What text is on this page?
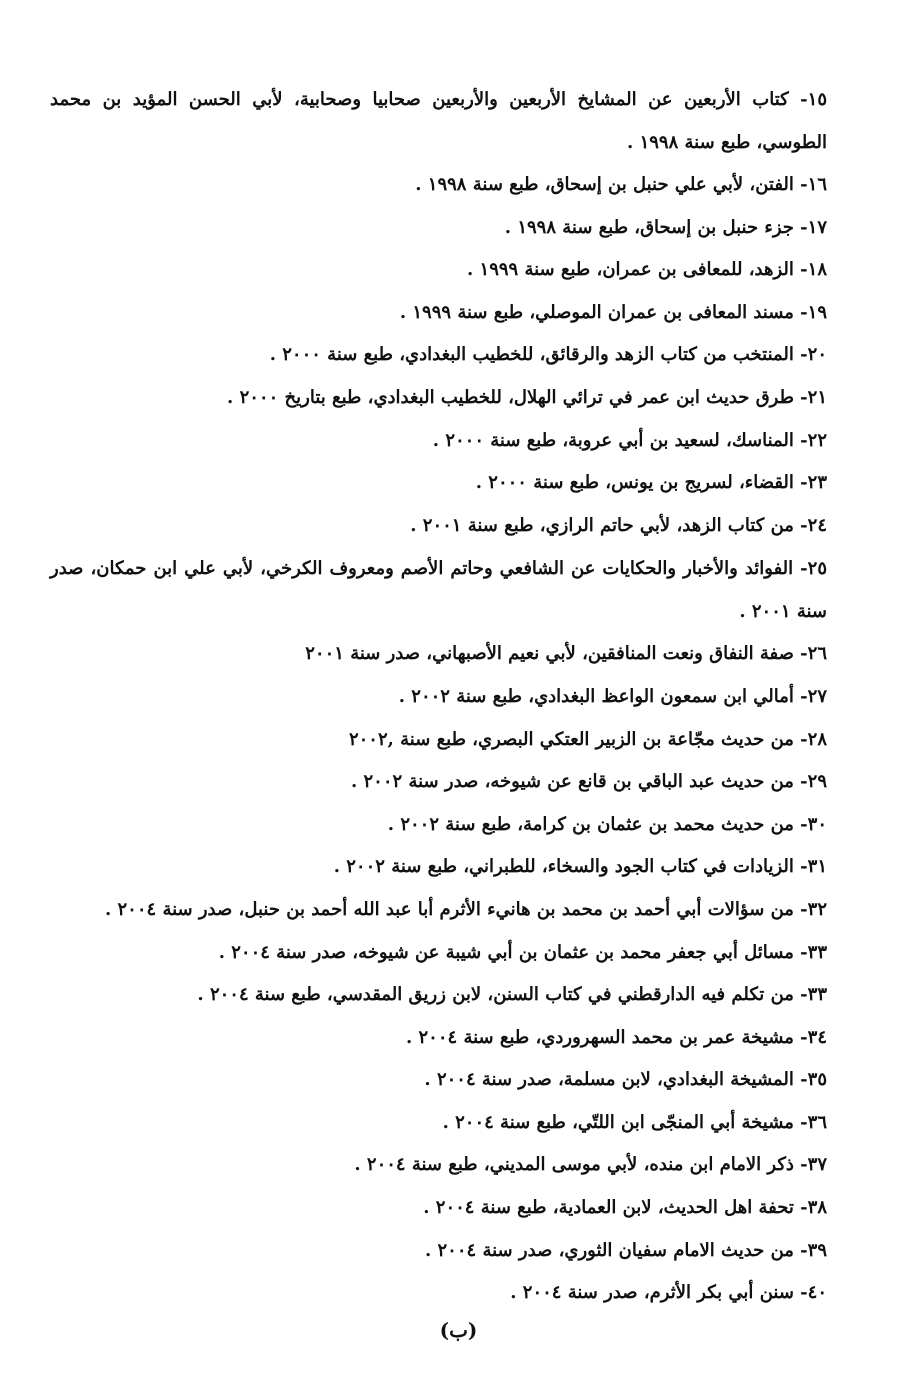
١٥- كتاب الأربعين عن المشايخ الأربعين والأربعين صحابيا وصحابية، لأبي الحسن المؤيد بن محمد الطوسي، طبع سنة ١٩٩٨ .
١٦- الفتن، لأبي علي حنبل بن إسحاق، طبع سنة ١٩٩٨ .
١٧- جزء حنبل بن إسحاق، طبع سنة ١٩٩٨ .
١٨- الزهد، للمعافى بن عمران، طبع سنة ١٩٩٩ .
١٩- مسند المعافى بن عمران الموصلي، طبع سنة ١٩٩٩ .
٢٠- المنتخب من كتاب الزهد والرقائق، للخطيب البغدادي، طبع سنة ٢٠٠٠ .
٢١- طرق حديث ابن عمر في ترائي الهلال، للخطيب البغدادي، طبع بتاريخ ٢٠٠٠ .
٢٢- المناسك، لسعيد بن أبي عروبة، طبع سنة ٢٠٠٠ .
٢٣- القضاء، لسريج بن يونس، طبع سنة ٢٠٠٠ .
٢٤- من كتاب الزهد، لأبي حاتم الرازي، طبع سنة ٢٠٠١ .
٢٥- الفوائد والأخبار والحكايات عن الشافعي وحاتم الأصم ومعروف الكرخي، لأبي علي ابن حمكان، صدر سنة ٢٠٠١ .
٢٦- صفة النفاق ونعت المنافقين، لأبي نعيم الأصبهاني، صدر سنة ٢٠٠١
٢٧- أمالي ابن سمعون الواعظ البغدادي، طبع سنة ٢٠٠٢ .
٢٨- من حديث مجّاعة بن الزبير العتكي البصري، طبع سنة ,٢٠٠٢
٢٩- من حديث عبد الباقي بن قانع عن شيوخه، صدر سنة ٢٠٠٢ .
٣٠- من حديث محمد بن عثمان بن كرامة، طبع سنة ٢٠٠٢ .
٣١- الزيادات في كتاب الجود والسخاء، للطبراني، طبع سنة ٢٠٠٢ .
٣٢- من سؤالات أبي أحمد بن محمد بن هانيء الأثرم أبا عبد الله أحمد بن حنبل، صدر سنة ٢٠٠٤ .
٣٣- مسائل أبي جعفر محمد بن عثمان بن أبي شيبة عن شيوخه، صدر سنة ٢٠٠٤ .
٣٣- من تكلم فيه الدارقطني في كتاب السنن، لابن زريق المقدسي، طبع سنة ٢٠٠٤ .
٣٤- مشيخة عمر بن محمد السهروردي، طبع سنة ٢٠٠٤ .
٣٥- المشيخة البغدادي، لابن مسلمة، صدر سنة ٢٠٠٤ .
٣٦- مشيخة أبي المنجّى ابن اللتّي، طبع سنة ٢٠٠٤ .
٣٧- ذكر الامام ابن منده، لأبي موسى المديني، طبع سنة ٢٠٠٤ .
٣٨- تحفة اهل الحديث، لابن العمادية، طبع سنة ٢٠٠٤ .
٣٩- من حديث الامام سفيان الثوري، صدر سنة ٢٠٠٤ .
٤٠- سنن أبي بكر الأثرم، صدر سنة ٢٠٠٤ .
(ب)
